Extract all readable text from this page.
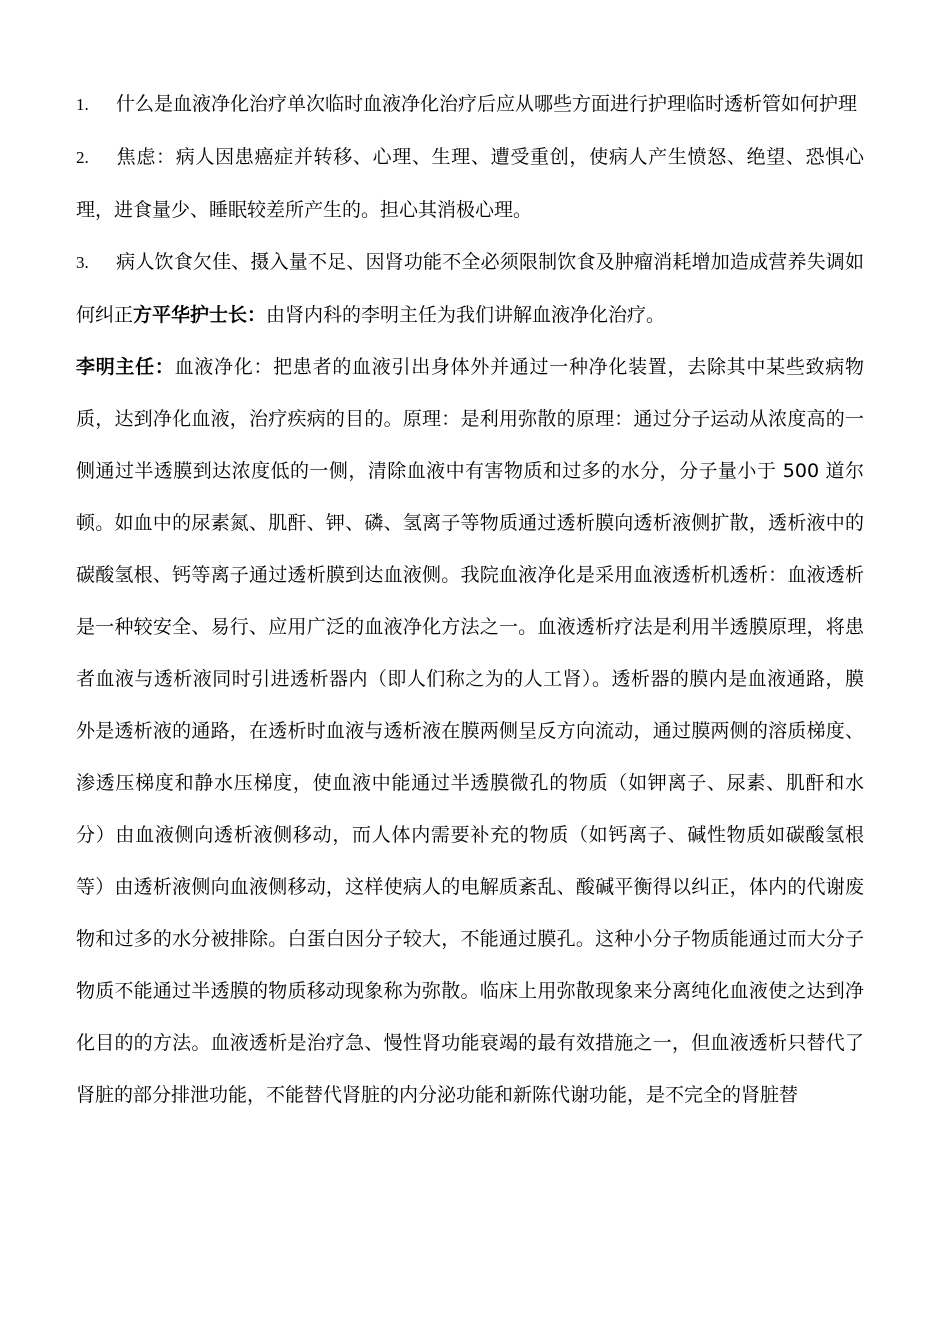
1. 什么是血液净化治疗单次临时血液净化治疗后应从哪些方面进行护理临时透析管如何护理

2. 焦虑：病人因患癌症并转移、心理、生理、遭受重创，使病人产生愤怒、绝望、恐惧心理，进食量少、睡眠较差所产生的。担心其消极心理。

3. 病人饮食欠佳、摄入量不足、因肾功能不全必须限制饮食及肿瘤消耗增加造成营养失调如何纠正方平华护士长：由肾内科的李明主任为我们讲解血液净化治疗。

李明主任：血液净化：把患者的血液引出身体外并通过一种净化装置，去除其中某些致病物质，达到净化血液，治疗疾病的目的。原理：是利用弥散的原理：通过分子运动从浓度高的一侧通过半透膜到达浓度低的一侧，清除血液中有害物质和过多的水分，分子量小于 500 道尔顿。如血中的尿素氮、肌酐、钾、磷、氢离子等物质通过透析膜向透析液侧扩散，透析液中的碳酸氢根、钙等离子通过透析膜到达血液侧。我院血液净化是采用血液透析机透析：血液透析是一种较安全、易行、应用广泛的血液净化方法之一。血液透析疗法是利用半透膜原理，将患者血液与透析液同时引进透析器内（即人们称之为的人工肾）。透析器的膜内是血液通路，膜外是透析液的通路，在透析时血液与透析液在膜两侧呈反方向流动，通过膜两侧的溶质梯度、渗透压梯度和静水压梯度，使血液中能通过半透膜微孔的物质（如钾离子、尿素、肌酐和水分）由血液侧向透析液侧移动，而人体内需要补充的物质（如钙离子、碱性物质如碳酸氢根等）由透析液侧向血液侧移动，这样使病人的电解质紊乱、酸碱平衡得以纠正，体内的代谢废物和过多的水分被排除。白蛋白因分子较大，不能通过膜孔。这种小分子物质能通过而大分子物质不能通过半透膜的物质移动现象称为弥散。临床上用弥散现象来分离纯化血液使之达到净化目的的方法。血液透析是治疗急、慢性肾功能衰竭的最有效措施之一，但血液透析只替代了肾脏的部分排泄功能，不能替代肾脏的内分泌功能和新陈代谢功能，是不完全的肾脏替
